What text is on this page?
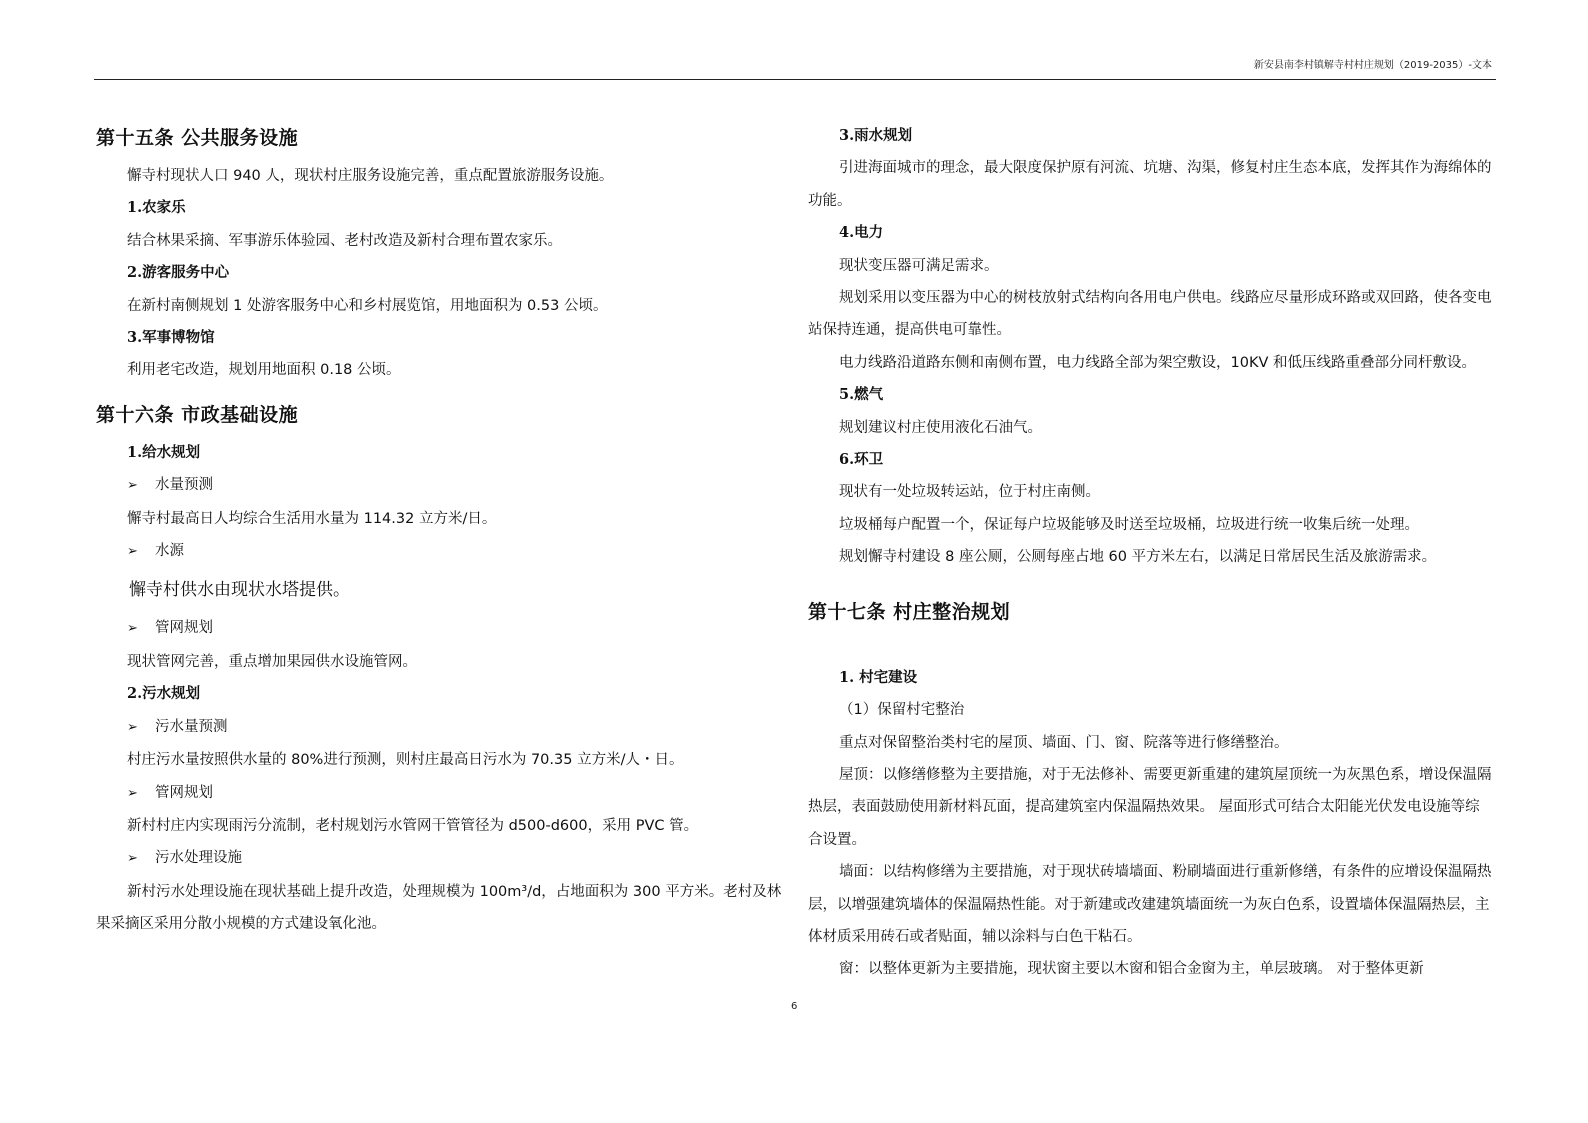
新安县南李村镇解寺村村庄规划（2019-2035）-文本
第十五条 公共服务设施

懈寺村现状人口 940 人，现状村庄服务设施完善，重点配置旅游服务设施。

1.农家乐

结合林果采摘、军事游乐体验园、老村改造及新村合理布置农家乐。

2.游客服务中心

在新村南侧规划 1 处游客服务中心和乡村展览馆，用地面积为 0.53 公顷。

3.军事博物馆

利用老宅改造，规划用地面积 0.18 公顷。

第十六条 市政基础设施
1.给水规划

➢ 水量预测

懈寺村最高日人均综合生活用水量为 114.32 立方米/日。

➢ 水源

懈寺村供水由现状水塔提供。

➢ 管网规划

现状管网完善，重点增加果园供水设施管网。

2.污水规划

➢ 污水量预测

村庄污水量按照供水量的 80%进行预测，则村庄最高日污水为 70.35 立方米/人・日。

➢ 管网规划

新村村庄内实现雨污分流制，老村规划污水管网干管管径为 d500-d600，采用 PVC 管。

➢ 污水处理设施

新村污水处理设施在现状基础上提升改造，处理规模为 100m³/d，占地面积为 300 平方米。老村及林果采摘区采用分散小规模的方式建设氧化池。

3.雨水规划

引进海面城市的理念，最大限度保护原有河流、坑塘、沟渠，修复村庄生态本底，发挥其作为海绵体的功能。

4.电力

现状变压器可满足需求。

规划采用以变压器为中心的树枝放射式结构向各用电户供电。线路应尽量形成环路或双回路，使各变电站保持连通，提高供电可靠性。

电力线路沿道路东侧和南侧布置，电力线路全部为架空敷设，10KV 和低压线路重叠部分同杆敷设。

5.燃气

规划建议村庄使用液化石油气。

6.环卫

现状有一处垃圾转运站，位于村庄南侧。

垃圾桶每户配置一个，保证每户垃圾能够及时送至垃圾桶，垃圾进行统一收集后统一处理。

规划懈寺村建设 8 座公厕，公厕每座占地 60 平方米左右，以满足日常居民生活及旅游需求。

第十七条 村庄整治规划
1. 村宅建设

（1）保留村宅整治

重点对保留整治类村宅的屋顶、墙面、门、窗、院落等进行修缮整治。

屋顶：以修缮修整为主要措施，对于无法修补、需要更新重建的建筑屋顶统一为灰黑色系，增设保温隔热层，表面鼓励使用新材料瓦面，提高建筑室内保温隔热效果。 屋面形式可结合太阳能光伏发电设施等综合设置。

墙面：以结构修缮为主要措施，对于现状砖墙墙面、粉刷墙面进行重新修缮，有条件的应增设保温隔热层，以增强建筑墙体的保温隔热性能。对于新建或改建建筑墙面统一为灰白色系，设置墙体保温隔热层，主体材质采用砖石或者贴面，辅以涂料与白色干粘石。

窗：以整体更新为主要措施，现状窗主要以木窗和铝合金窗为主，单层玻璃。 对于整体更新

6
